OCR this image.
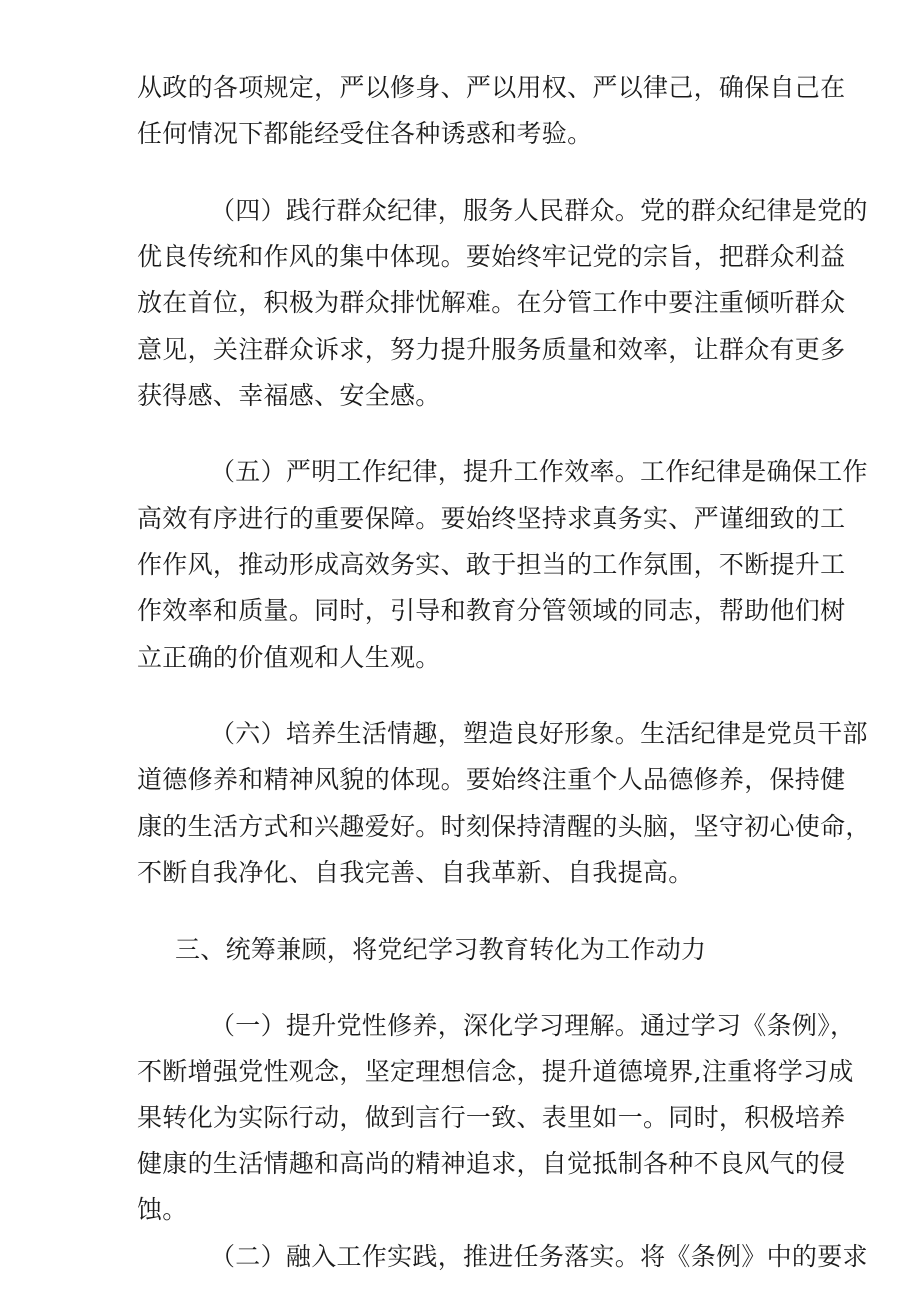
从政的各项规定，严以修身、严以用权、严以律己，确保自己在
任何情况下都能经受住各种诱惑和考验。
（四）践行群众纪律，服务人民群众。党的群众纪律是党的
优良传统和作风的集中体现。要始终牢记党的宗旨，把群众利益
放在首位，积极为群众排忧解难。在分管工作中要注重倾听群众
意见，关注群众诉求，努力提升服务质量和效率，让群众有更多
获得感、幸福感、安全感。
（五）严明工作纪律，提升工作效率。工作纪律是确保工作
高效有序进行的重要保障。要始终坚持求真务实、严谨细致的工
作作风，推动形成高效务实、敢于担当的工作氛围，不断提升工
作效率和质量。同时，引导和教育分管领域的同志，帮助他们树
立正确的价值观和人生观。
（六）培养生活情趣，塑造良好形象。生活纪律是党员干部
道德修养和精神风貌的体现。要始终注重个人品德修养，保持健
康的生活方式和兴趣爱好。时刻保持清醒的头脑，坚守初心使命，
不断自我净化、自我完善、自我革新、自我提高。
三、统筹兼顾，将党纪学习教育转化为工作动力
（一）提升党性修养，深化学习理解。通过学习《条例》，
不断增强党性观念，坚定理想信念，提升道德境界,注重将学习成
果转化为实际行动，做到言行一致、表里如一。同时，积极培养
健康的生活情趣和高尚的精神追求，自觉抵制各种不良风气的侵
蚀。
（二）融入工作实践，推进任务落实。将《条例》中的要求
